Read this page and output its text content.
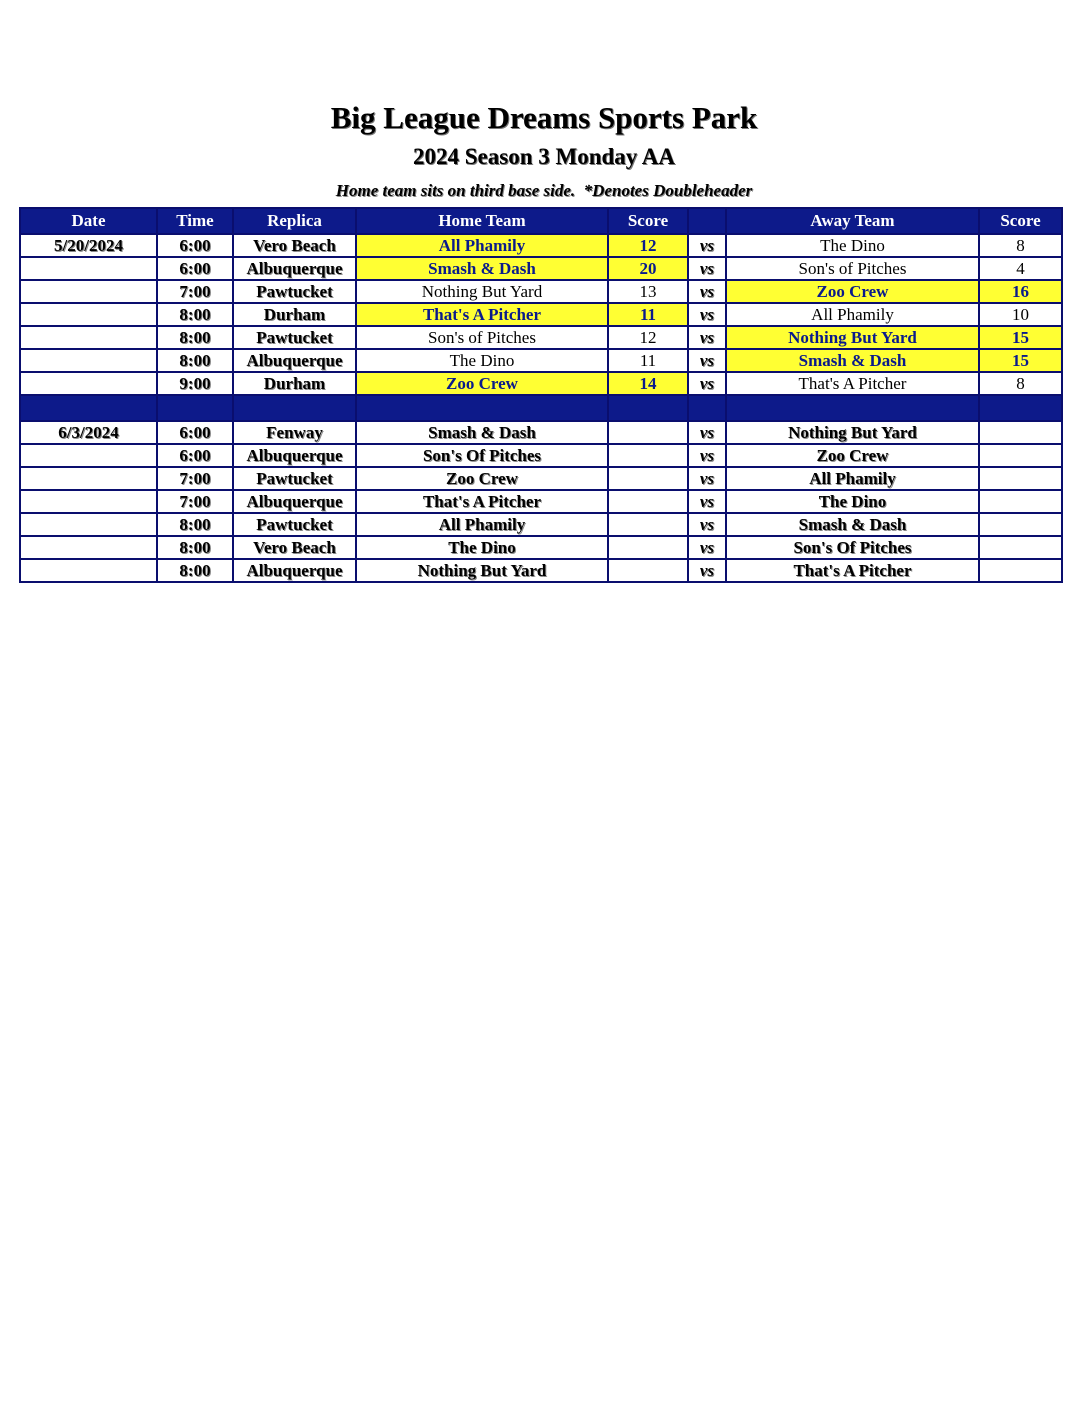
Big League Dreams Sports Park
2024 Season 3 Monday AA
Home team sits on third base side.  *Denotes Doubleheader
Date	Time	Replica	Home Team	Score		Away Team	Score
5/20/2024	6:00	Vero Beach	All Phamily	12	vs	The Dino	8
	6:00	Albuquerque	Smash & Dash	20	vs	Son's of Pitches	4
	7:00	Pawtucket	Nothing But Yard	13	vs	Zoo Crew	16
	8:00	Durham	That's A Pitcher	11	vs	All Phamily	10
	8:00	Pawtucket	Son's of Pitches	12	vs	Nothing But Yard	15
	8:00	Albuquerque	The Dino	11	vs	Smash & Dash	15
	9:00	Durham	Zoo Crew	14	vs	That's A Pitcher	8

6/3/2024	6:00	Fenway	Smash & Dash		vs	Nothing But Yard	
	6:00	Albuquerque	Son's Of Pitches		vs	Zoo Crew	
	7:00	Pawtucket	Zoo Crew		vs	All Phamily	
	7:00	Albuquerque	That's A Pitcher		vs	The Dino	
	8:00	Pawtucket	All Phamily		vs	Smash & Dash	
	8:00	Vero Beach	The Dino		vs	Son's Of Pitches	
	8:00	Albuquerque	Nothing But Yard		vs	That's A Pitcher	
